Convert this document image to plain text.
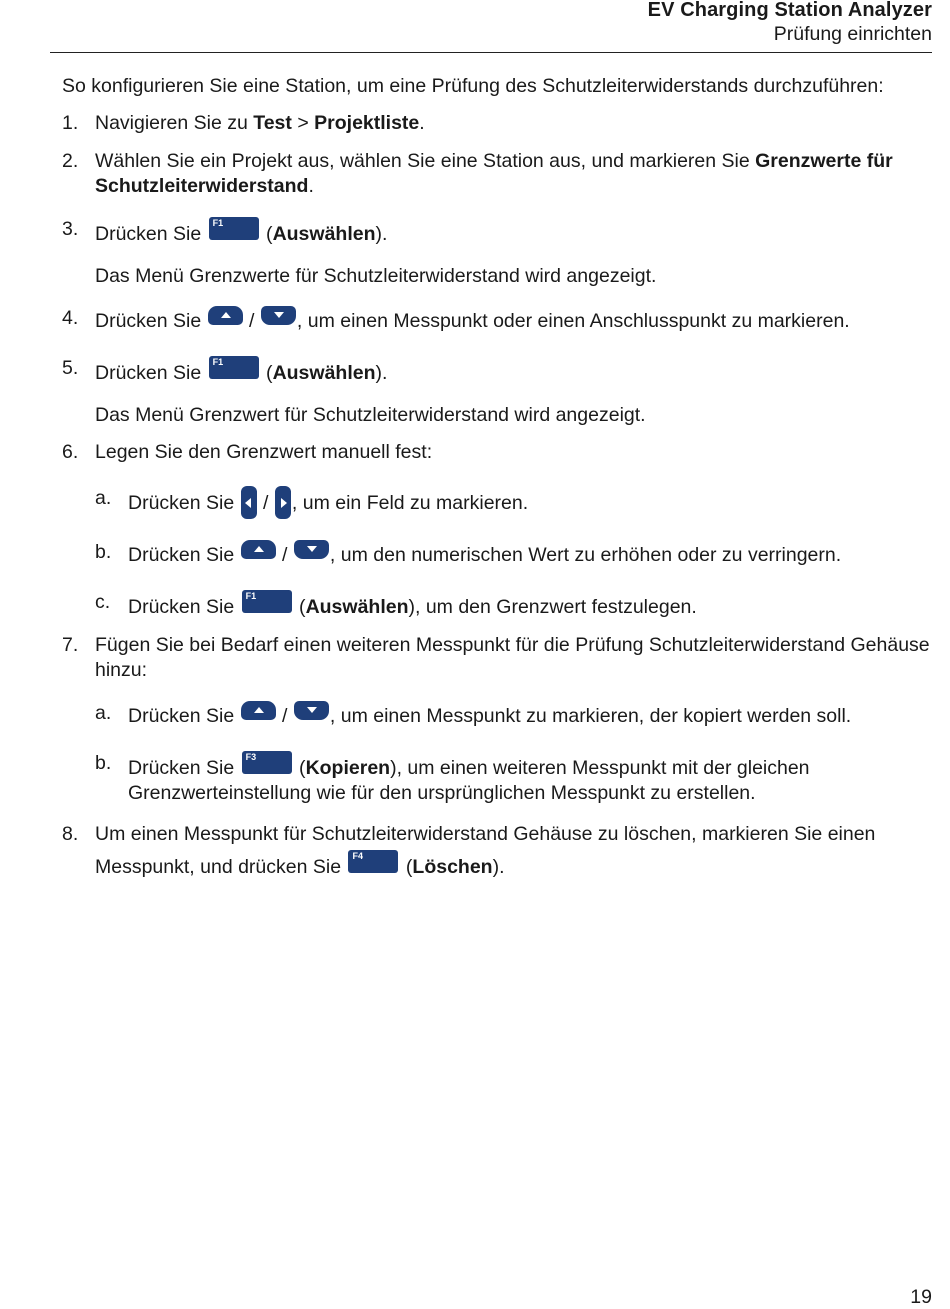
EV Charging Station Analyzer
Prüfung einrichten

So konfigurieren Sie eine Station, um eine Prüfung des Schutzleiterwiderstands durchzuführen:

1. Navigieren Sie zu Test > Projektliste.
2. Wählen Sie ein Projekt aus, wählen Sie eine Station aus, und markieren Sie Grenzwerte für Schutzleiterwiderstand.
3. Drücken Sie F1 (Auswählen).
Das Menü Grenzwerte für Schutzleiterwiderstand wird angezeigt.
4. Drücken Sie  / , um einen Messpunkt oder einen Anschlusspunkt zu markieren.
5. Drücken Sie F1 (Auswählen).
Das Menü Grenzwert für Schutzleiterwiderstand wird angezeigt.
6. Legen Sie den Grenzwert manuell fest:
a. Drücken Sie  / , um ein Feld zu markieren.
b. Drücken Sie  / , um den numerischen Wert zu erhöhen oder zu verringern.
c. Drücken Sie F1 (Auswählen), um den Grenzwert festzulegen.
7. Fügen Sie bei Bedarf einen weiteren Messpunkt für die Prüfung Schutzleiterwiderstand Gehäuse hinzu:
a. Drücken Sie  / , um einen Messpunkt zu markieren, der kopiert werden soll.
b. Drücken Sie F3 (Kopieren), um einen weiteren Messpunkt mit der gleichen Grenzwerteinstellung wie für den ursprünglichen Messpunkt zu erstellen.
8. Um einen Messpunkt für Schutzleiterwiderstand Gehäuse zu löschen, markieren Sie einen Messpunkt, und drücken Sie F4 (Löschen).
19
